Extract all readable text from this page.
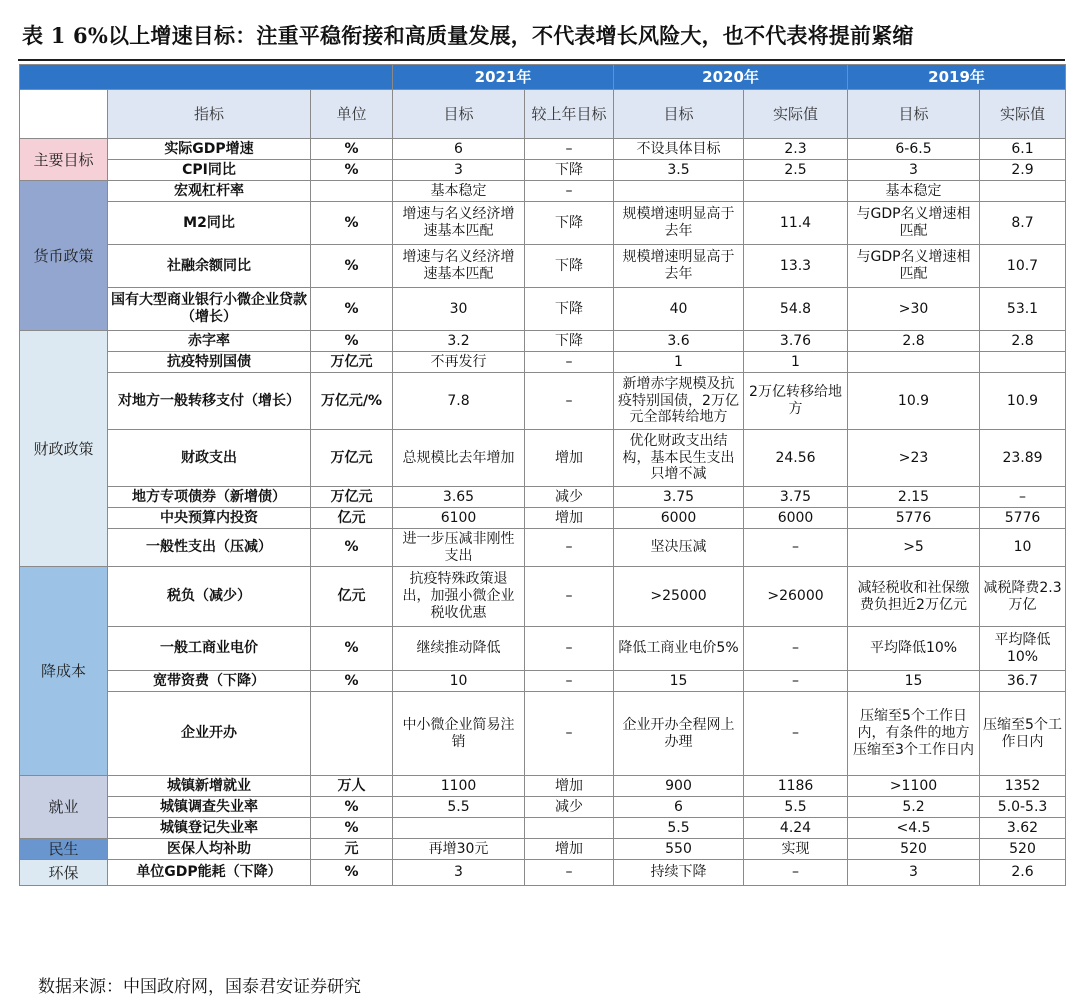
表 1 6%以上增速目标：注重平稳衔接和高质量发展，不代表增长风险大，也不代表将提前紧缩
			2021年		2020年		2019年	
	指标	单位	目标	较上年目标	目标	实际值	目标	实际值
主要目标	实际GDP增速	%	6	–	不设具体目标	2.3	6-6.5	6.1
	CPI同比	%	3	下降	3.5	2.5	3	2.9
货币政策	宏观杠杆率		基本稳定	–			基本稳定	
	M2同比	%	增速与名义经济增速基本匹配	下降	规模增速明显高于去年	11.4	与GDP名义增速相匹配	8.7
	社融余额同比	%	增速与名义经济增速基本匹配	下降	规模增速明显高于去年	13.3	与GDP名义增速相匹配	10.7
	国有大型商业银行小微企业贷款（增长）	%	30	下降	40	54.8	>30	53.1
财政政策	赤字率	%	3.2	下降	3.6	3.76	2.8	2.8
	抗疫特别国债	万亿元	不再发行	–	1	1		
	对地方一般转移支付（增长）	万亿元/%	7.8	–	新增赤字规模及抗疫特别国债，2万亿元全部转给地方	2万亿转移给地方	10.9	10.9
	财政支出	万亿元	总规模比去年增加	增加	优化财政支出结构，基本民生支出只增不减	24.56	>23	23.89
	地方专项债券（新增债）	万亿元	3.65	减少	3.75	3.75	2.15	–
	中央预算内投资	亿元	6100	增加	6000	6000	5776	5776
	一般性支出（压减）	%	进一步压减非刚性支出	–	坚决压减	–	>5	10
降成本	税负（减少）	亿元	抗疫特殊政策退出，加强小微企业税收优惠	–	>25000	>26000	减轻税收和社保缴费负担近2万亿元	减税降费2.3万亿
	一般工商业电价	%	继续推动降低	–	降低工商业电价5%	–	平均降低10%	平均降低10%
	宽带资费（下降）	%	10	–	15	–	15	36.7
	企业开办		中小微企业简易注销	–	企业开办全程网上办理	–	压缩至5个工作日内，有条件的地方压缩至3个工作日内	压缩至5个工作日内
就业	城镇新增就业	万人	1100	增加	900	1186	>1100	1352
	城镇调查失业率	%	5.5	减少	6	5.5	5.2	5.0-5.3
	城镇登记失业率	%			5.5	4.24	<4.5	3.62
民生	医保人均补助	元	再增30元	增加	550	实现	520	520
环保	单位GDP能耗（下降）	%	3	–	持续下降	–	3	2.6
数据来源：中国政府网，国泰君安证券研究
